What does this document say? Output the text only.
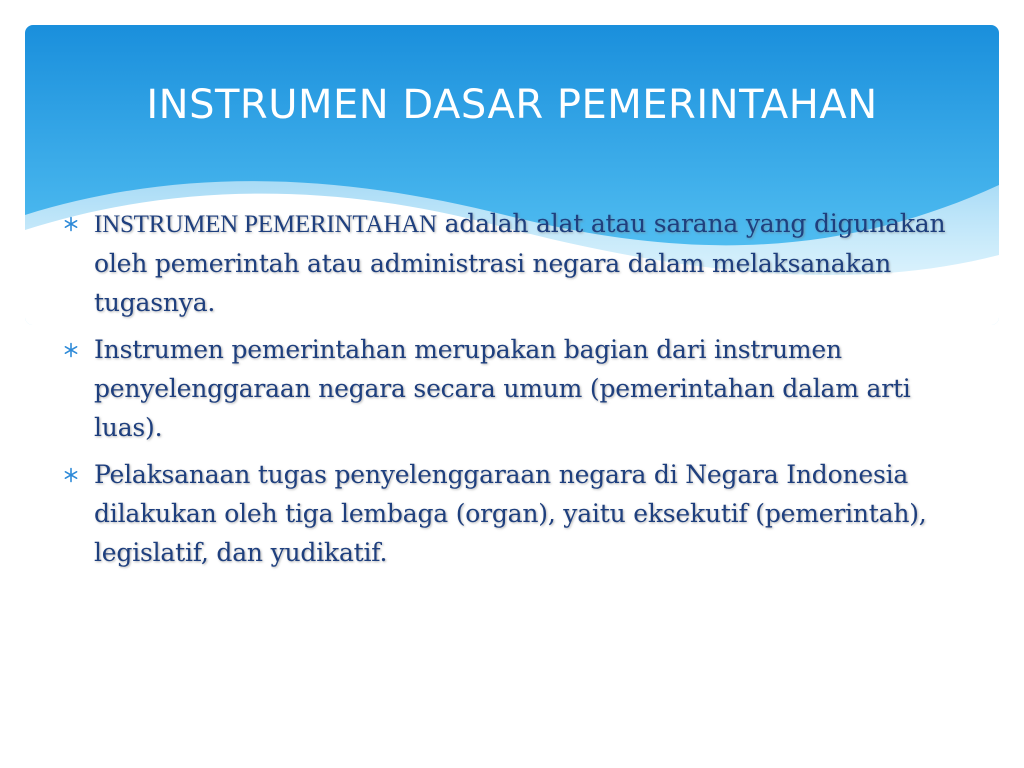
INSTRUMEN DASAR PEMERINTAHAN
INSTRUMEN PEMERINTAHAN adalah alat atau sarana yang digunakan oleh pemerintah atau administrasi negara dalam melaksanakan tugasnya.
Instrumen pemerintahan merupakan bagian dari instrumen penyelenggaraan negara secara umum (pemerintahan dalam arti luas).
Pelaksanaan tugas penyelenggaraan negara di Negara Indonesia dilakukan oleh tiga lembaga (organ), yaitu eksekutif (pemerintah), legislatif, dan yudikatif.
